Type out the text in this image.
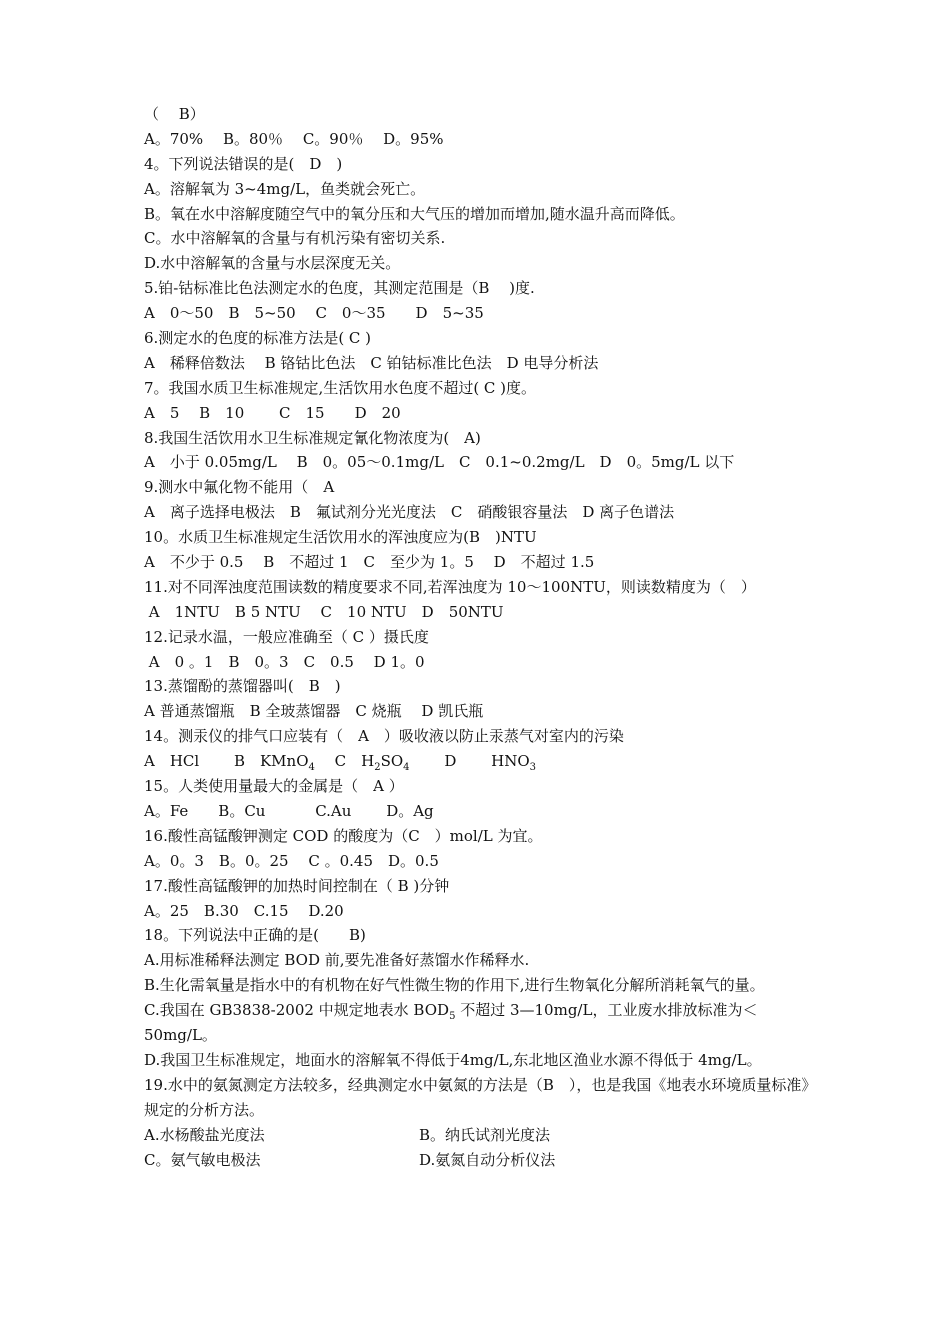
（　 B）
A。70%　 B。80％　 C。90％　 D。95%
4。下列说法错误的是(　D　)
A。溶解氧为 3~4mg/L，鱼类就会死亡。
B。氧在水中溶解度随空气中的氧分压和大气压的增加而增加,随水温升高而降低。
C。水中溶解氧的含量与有机污染有密切关系.
D.水中溶解氧的含量与水层深度无关。
5.铂-钴标准比色法测定水的色度，其测定范围是（B　 )度.
A　0～50　B　5~50　 C　0～35　　D　5~35
6.测定水的色度的标准方法是( C )
A　稀释倍数法　 B 铬钴比色法　C 铂钴标准比色法　D 电导分析法
7。我国水质卫生标准规定,生活饮用水色度不超过( C )度。
A　5　 B　10　　 C　15　　D　20
8.我国生活饮用水卫生标准规定氰化物浓度为(　A)
A　小于 0.05mg/L　 B　0。05～0.1mg/L　C　0.1~0.2mg/L　D　0。5mg/L 以下
9.测水中氟化物不能用（　A
A　离子选择电极法　B　氟试剂分光光度法　C　硝酸银容量法　D 离子色谱法
10。水质卫生标准规定生活饮用水的浑浊度应为(B　)NTU
A　不少于 0.5　 B　不超过 1　C　至少为 1。5　 D　不超过 1.5
11.对不同浑浊度范围读数的精度要求不同,若浑浊度为 10～100NTU，则读数精度为（　）
A　1NTU　B 5 NTU　 C　10 NTU　D　50NTU
12.记录水温，一般应准确至（ C ）摄氏度
A　0 。1　B　0。3　C　0.5　 D 1。0
13.蒸馏酚的蒸馏器叫(　B　)
A 普通蒸馏瓶　B 全玻蒸馏器　C 烧瓶　 D 凯氏瓶
14。测汞仪的排气口应装有（　A　）吸收液以防止汞蒸气对室内的污染
A　HCl　　 B　KMnO$_4$　 C　$H_2SO_4$　　 D　　 $HNO_3$
15。人类使用量最大的金属是（　A ）
A。Fe　　B。Cu　　　 C.Au　　 D。Ag
16.酸性高锰酸钾测定 COD 的酸度为（C　）mol/L 为宜。
A。0。3　B。0。25　 C 。0.45　D。0.5
17.酸性高锰酸钾的加热时间控制在（ B )分钟
A。25　B.30　C.15　 D.20
18。下列说法中正确的是(　　B)
A.用标准稀释法测定 BOD 前,要先准备好蒸馏水作稀释水.
B.生化需氧量是指水中的有机物在好气性微生物的作用下,进行生物氧化分解所消耗氧气的量。
C.我国在 GB3838-2002 中规定地表水 $BOD_5$ 不超过 3—10mg/L，工业废水排放标准为＜50mg/L。
D.我国卫生标准规定，地面水的溶解氧不得低于4mg/L,东北地区渔业水源不得低于 4mg/L。
19.水中的氨氮测定方法较多，经典测定水中氨氮的方法是（B　），也是我国《地表水环境质量标准》规定的分析方法。
A.水杨酸盐光度法	B。纳氏试剂光度法
C。氨气敏电极法	D.氨氮自动分析仪法
